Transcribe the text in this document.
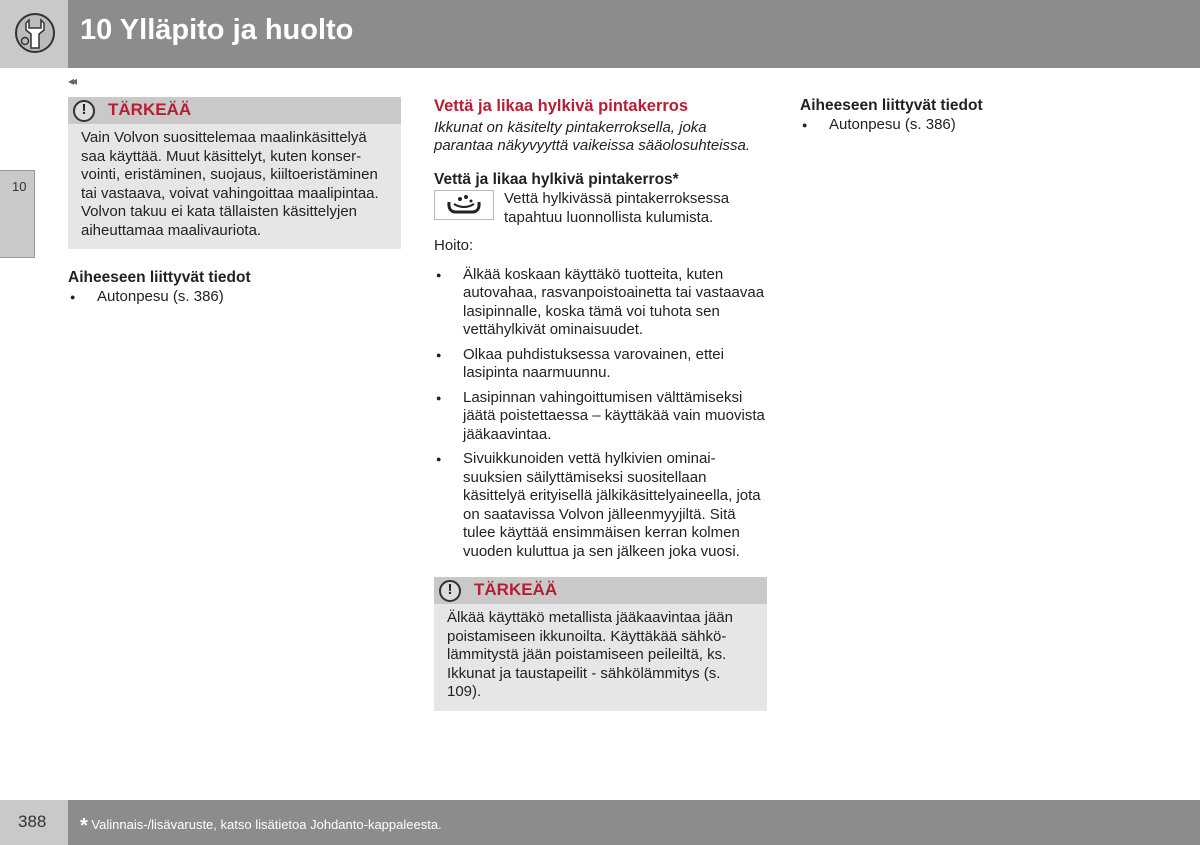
10 Ylläpito ja huolto
◂◂
10
!	TÄRKEÄÄ
Vain Volvon suosittelemaa maalinkäsittelyä saa käyttää. Muut käsittelyt, kuten konservointi, eristäminen, suojaus, kiiltoeristäminen tai vastaava, voivat vahingoittaa maalipintaa. Volvon takuu ei kata tällaisten käsittelyjen aiheuttamaa maalivauriota.
Aiheeseen liittyvät tiedot
● Autonpesu (s. 386)
Vettä ja likaa hylkivä pintakerros

Ikkunat on käsitelty pintakerroksella, joka parantaa näkyvyyttä vaikeissa sääolosuhteissa.

Vettä ja likaa hylkivä pintakerros*

Vettä hylkivässä pintakerroksessa tapahtuu luonnollista kulumista.

Hoito:

● Älkää koskaan käyttäkö tuotteita, kuten autovahaa, rasvanpoistoainetta tai vastaavaa lasipinnalle, koska tämä voi tuhota sen vettähylkivät ominaisuudet.
● Olkaa puhdistuksessa varovainen, ettei lasipinta naarmuunnu.
● Lasipinnan vahingoittumisen välttämiseksi jäätä poistettaessa – käyttäkää vain muovista jääkaavintaa.
● Sivuikkunoiden vettä hylkivien ominaisuuksien säilyttämiseksi suositellaan käsittelyä erityisellä jälkikäsittelyaineella, jota on saatavissa Volvon jälleenmyyjiltä. Sitä tulee käyttää ensimmäisen kerran kolmen vuoden kuluttua ja sen jälkeen joka vuosi.
!	TÄRKEÄÄ
Älkää käyttäkö metallista jääkaavintaa jään poistamiseen ikkunoilta. Käyttäkää sähkölämmitystä jään poistamiseen peileiltä, ks. Ikkunat ja taustapeilit - sähkölämmitys (s. 109).
Aiheeseen liittyvät tiedot
● Autonpesu (s. 386)
388	* Valinnais-/lisävaruste, katso lisätietoa Johdanto-kappaleesta.
